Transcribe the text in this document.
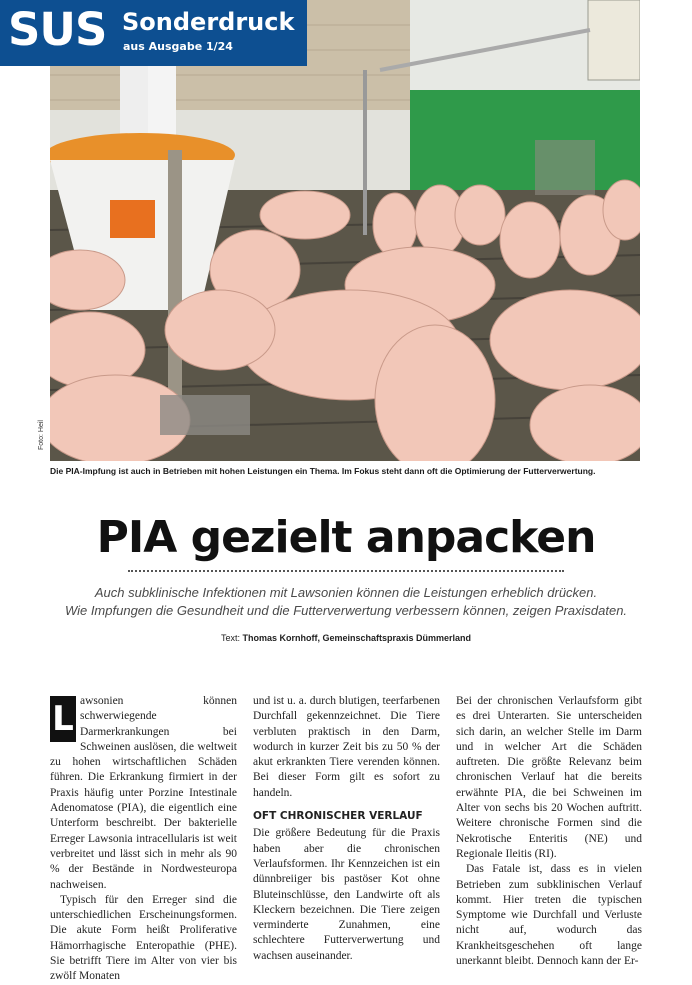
SUS Sonderdruck
aus Ausgabe 1/24
Foto: Heil
Die PIA-Impfung ist auch in Betrieben mit hohen Leistungen ein Thema. Im Fokus steht dann oft die Optimierung der Futterverwertung.
PIA gezielt anpacken

Auch subklinische Infektionen mit Lawsonien können die Leistungen erheblich drücken.

Wie Impfungen die Gesundheit und die Futterverwertung verbessern können, zeigen Praxisdaten.

Text: Thomas Kornhoff, Gemeinschaftspraxis Dümmerland

L awsonien können schwerwiegende Darmerkrankungen bei Schweinen auslösen, die weltweit zu hohen wirtschaftlichen Schäden führen. Die Erkrankung firmiert in der Praxis häufig unter Porzine Intestinale Adenomatose (PIA), die eigentlich eine Unterform beschreibt. Der bakterielle Erreger Lawsonia intracellularis ist weit verbreitet und lässt sich in mehr als 90 % der Bestände in Nordwesteuropa nachweisen.

Typisch für den Erreger sind die unterschiedlichen Erscheinungsformen. Die akute Form heißt Proliferative Hämorrhagische Enteropathie (PHE). Sie betrifft Tiere im Alter von vier bis zwölf Monaten

und ist u. a. durch blutigen, teerfarbenen Durchfall gekennzeichnet. Die Tiere verbluten praktisch in den Darm, wodurch in kurzer Zeit bis zu 50 % der akut erkrankten Tiere verenden können. Bei dieser Form gilt es sofort zu handeln.

OFT CHRONISCHER VERLAUF

Die größere Bedeutung für die Praxis haben aber die chronischen Verlaufsformen. Ihr Kennzeichen ist ein dünnbreiiger bis pastöser Kot ohne Bluteinschlüsse, den Landwirte oft als Kleckern bezeichnen. Die Tiere zeigen verminderte Zunahmen, eine schlechtere Futterverwertung und wachsen auseinander.

Bei der chronischen Verlaufsform gibt es drei Unterarten. Sie unterscheiden sich darin, an welcher Stelle im Darm und in welcher Art die Schäden auftreten. Die größte Relevanz beim chronischen Verlauf hat die bereits erwähnte PIA, die bei Schweinen im Alter von sechs bis 20 Wochen auftritt. Weitere chronische Formen sind die Nekrotische Enteritis (NE) und Regionale Ileitis (RI).

Das Fatale ist, dass es in vielen Betrieben zum subklinischen Verlauf kommt. Hier treten die typischen Symptome wie Durchfall und Verluste nicht auf, wodurch das Krankheitsgeschehen oft lange unerkannt bleibt. Dennoch kann der Er-
